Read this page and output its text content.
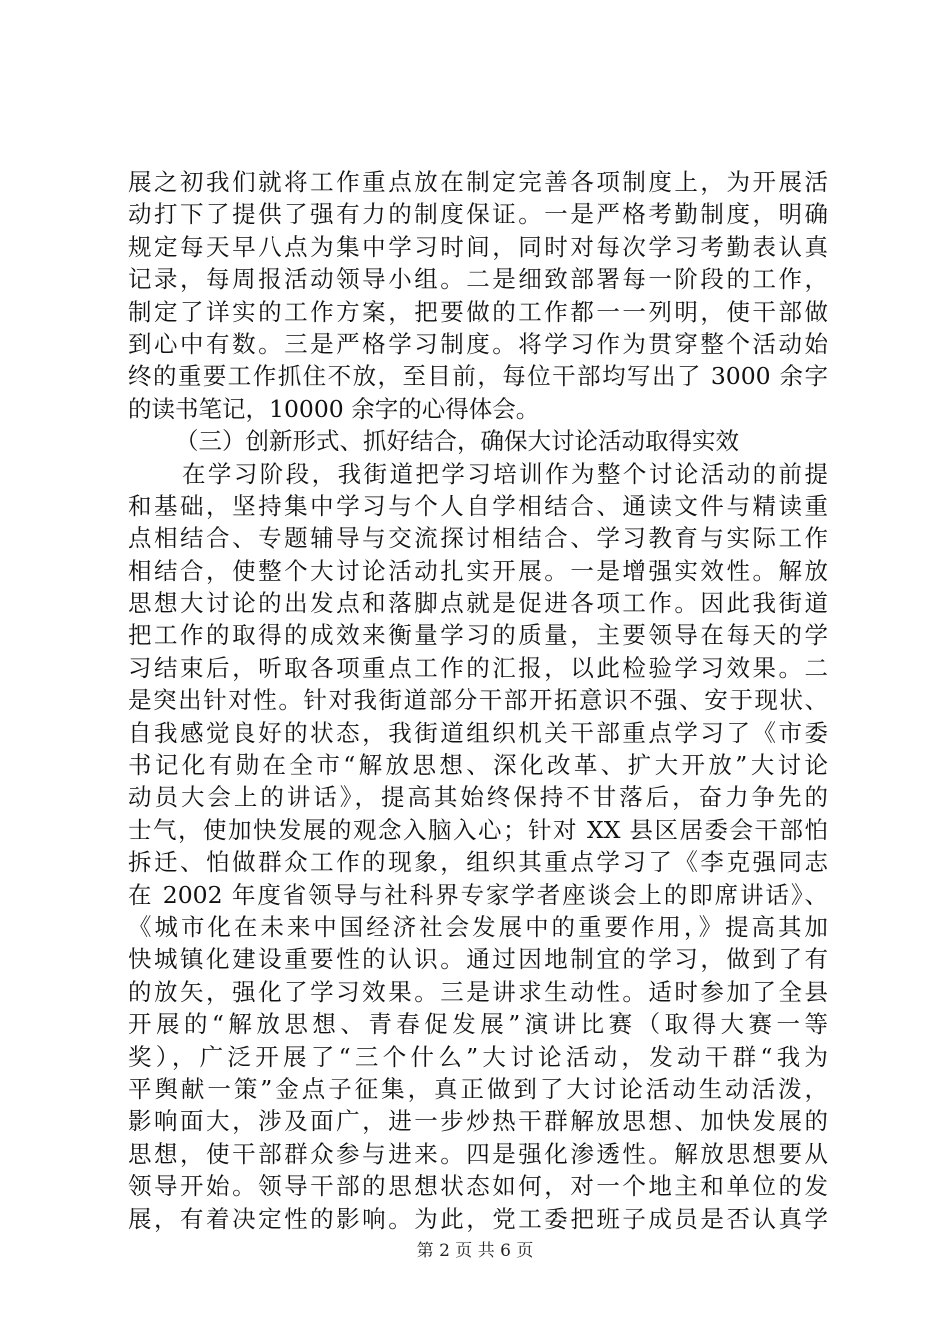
展之初我们就将工作重点放在制定完善各项制度上，为开展活
动打下了提供了强有力的制度保证。一是严格考勤制度，明确
规定每天早八点为集中学习时间，同时对每次学习考勤表认真
记录，每周报活动领导小组。二是细致部署每一阶段的工作，
制定了详实的工作方案，把要做的工作都一一列明，使干部做
到心中有数。三是严格学习制度。将学习作为贯穿整个活动始
终的重要工作抓住不放，至目前，每位干部均写出了 3000 余字
的读书笔记，10000 余字的心得体会。
（三）创新形式、抓好结合，确保大讨论活动取得实效
在学习阶段，我街道把学习培训作为整个讨论活动的前提
和基础，坚持集中学习与个人自学相结合、通读文件与精读重
点相结合、专题辅导与交流探讨相结合、学习教育与实际工作
相结合，使整个大讨论活动扎实开展。一是增强实效性。解放
思想大讨论的出发点和落脚点就是促进各项工作。因此我街道
把工作的取得的成效来衡量学习的质量，主要领导在每天的学
习结束后，听取各项重点工作的汇报，以此检验学习效果。二
是突出针对性。针对我街道部分干部开拓意识不强、安于现状、
自我感觉良好的状态，我街道组织机关干部重点学习了《市委
书记化有勋在全市“解放思想、深化改革、扩大开放”大讨论
动员大会上的讲话》，提高其始终保持不甘落后，奋力争先的
士气，使加快发展的观念入脑入心；针对 XX 县区居委会干部怕
拆迁、怕做群众工作的现象，组织其重点学习了《李克强同志
在 2002 年度省领导与社科界专家学者座谈会上的即席讲话》、
《城市化在未来中国经济社会发展中的重要作用，》提高其加
快城镇化建设重要性的认识。通过因地制宜的学习，做到了有
的放矢，强化了学习效果。三是讲求生动性。适时参加了全县
开展的“解放思想、青春促发展”演讲比赛（取得大赛一等
奖），广泛开展了“三个什么”大讨论活动，发动干群“我为
平舆献一策”金点子征集，真正做到了大讨论活动生动活泼，
影响面大，涉及面广，进一步炒热干群解放思想、加快发展的
思想，使干部群众参与进来。四是强化渗透性。解放思想要从
领导开始。领导干部的思想状态如何，对一个地主和单位的发
展，有着决定性的影响。为此，党工委把班子成员是否认真学
第 2 页 共 6 页
